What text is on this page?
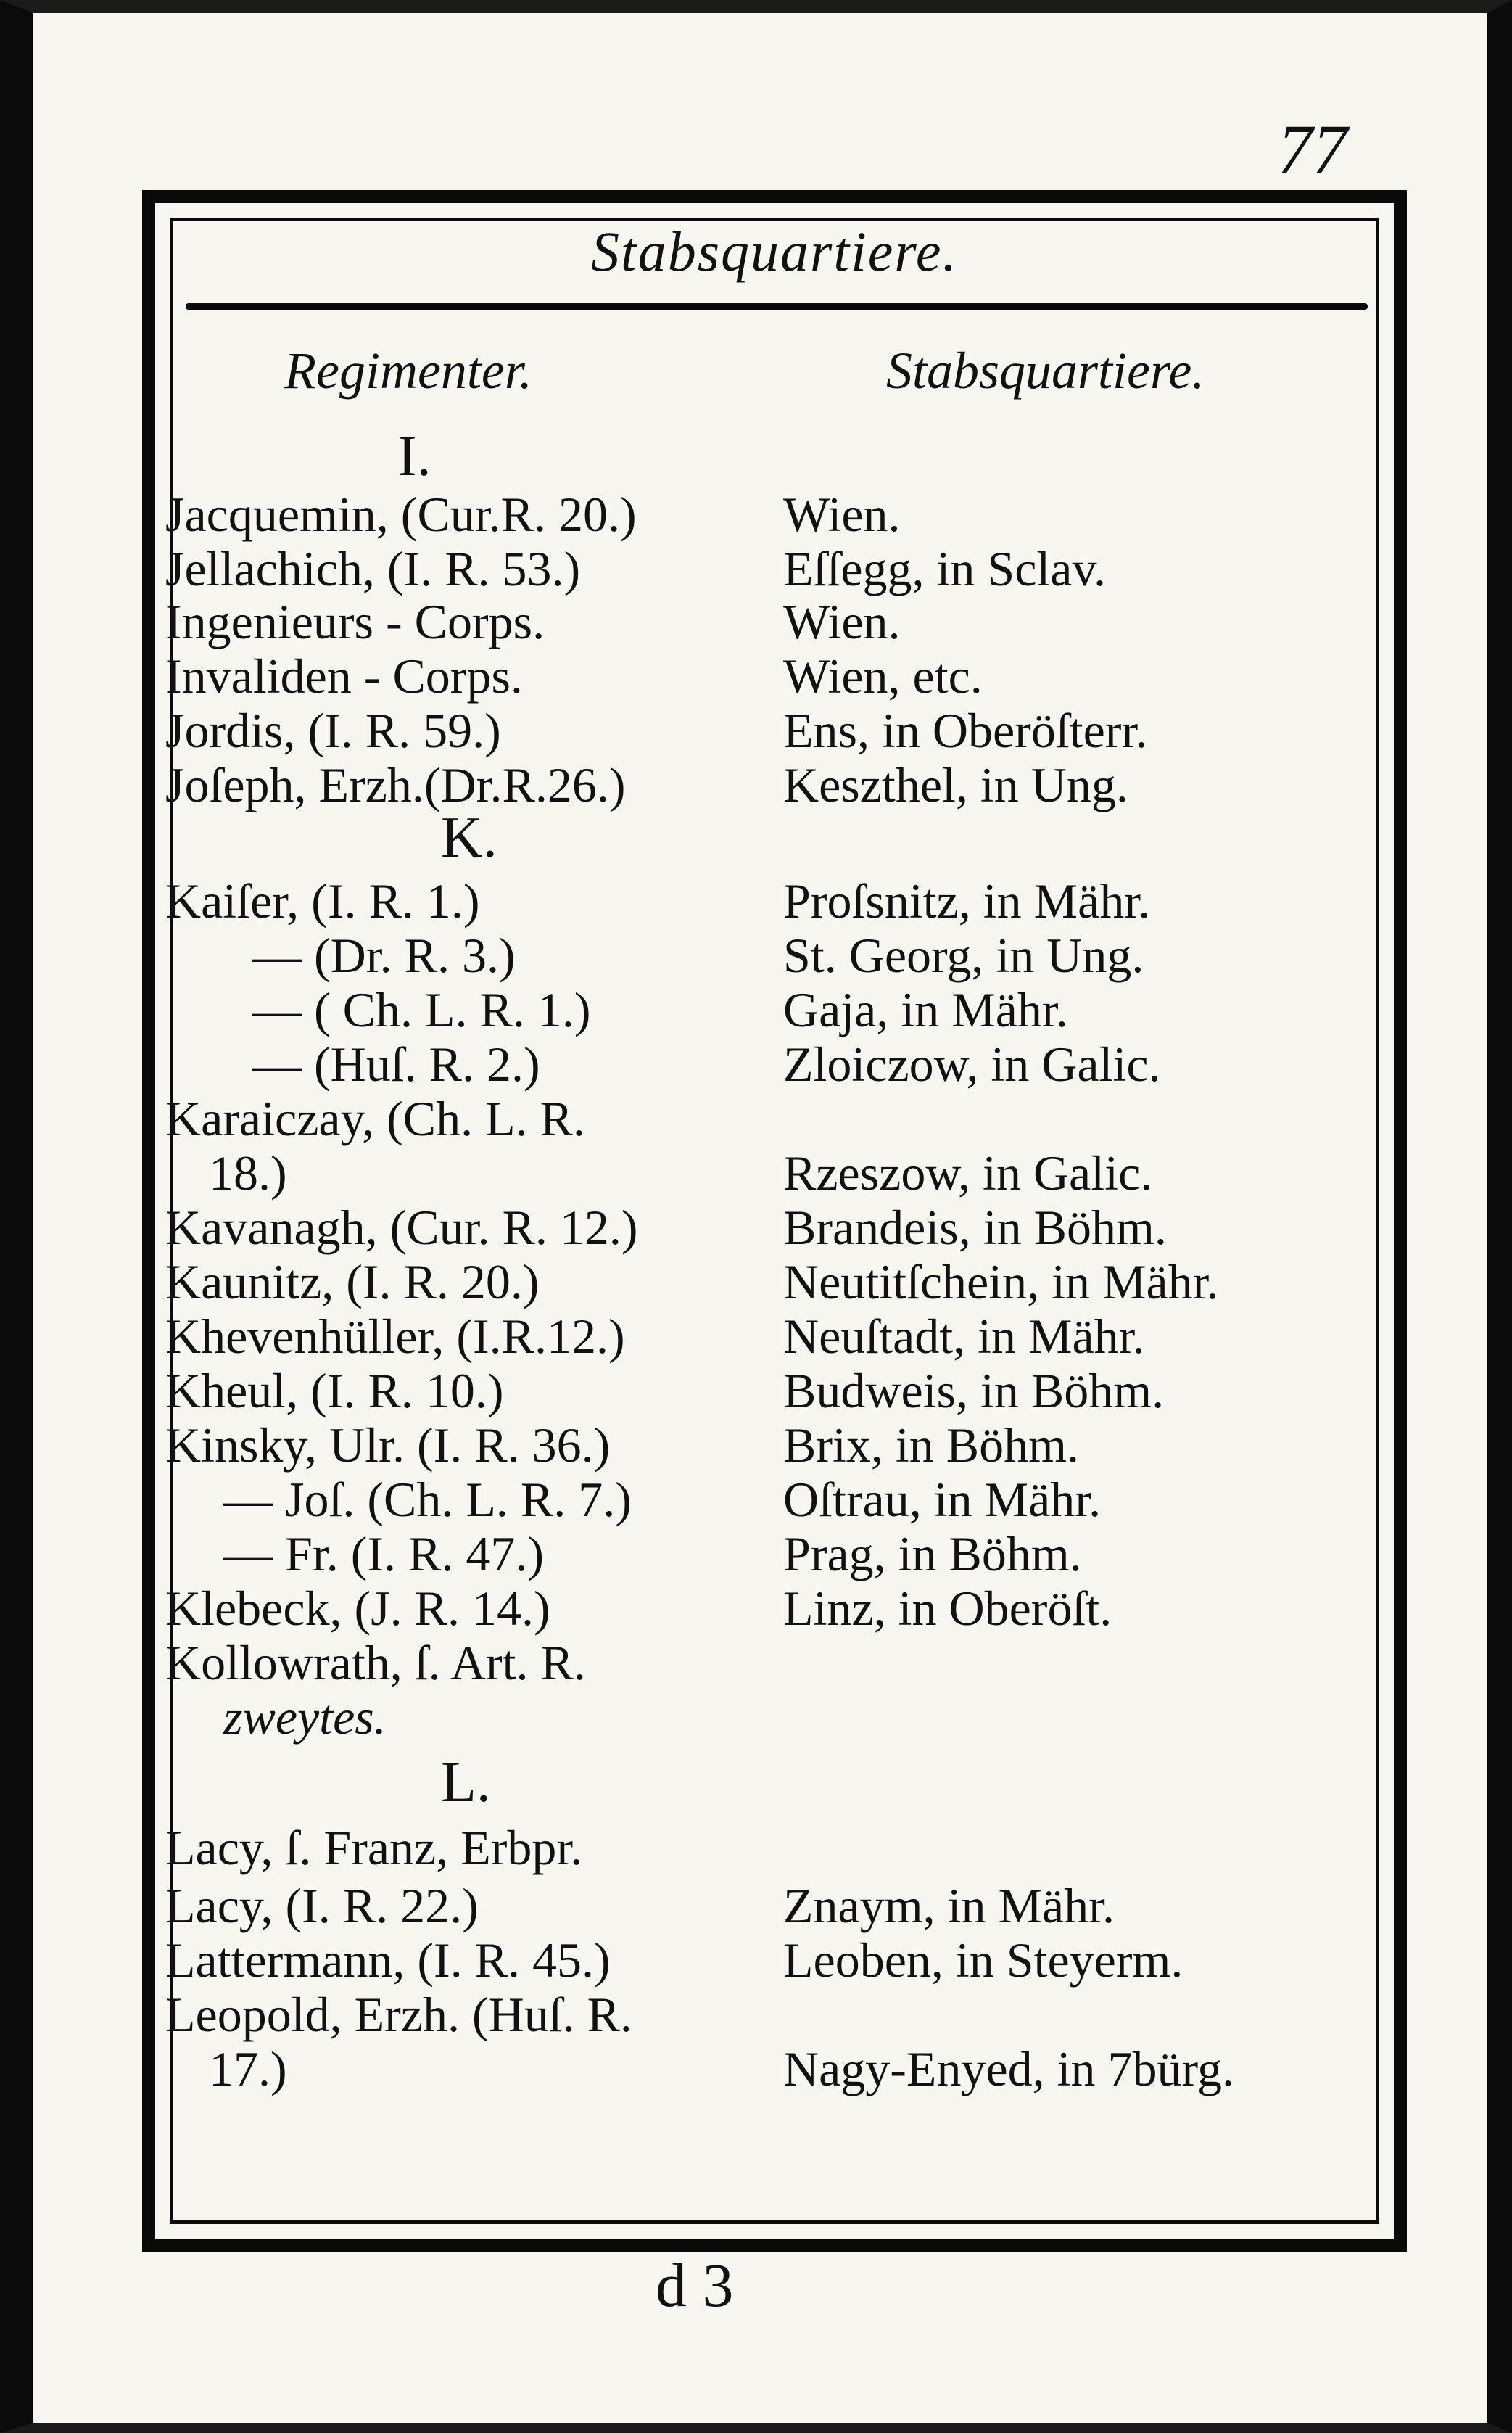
77
Stabsquartiere.
Regimenter.	Stabsquartiere.
I.
Jacquemin, (Cur.R. 20.)	Wien.
Jellachich, (I. R. 53.)	Eſſegg, in Sclav.
Ingenieurs - Corps.	Wien.
Invaliden - Corps.	Wien, etc.
Jordis, (I. R. 59.)	Ens, in Oberöſterr.
Joſeph, Erzh.(Dr.R.26.)	Keszthel, in Ung.
K.
Kaiſer, (I. R. 1.)	Proſsnitz, in Mähr.
— (Dr. R. 3.)	St. Georg, in Ung.
— ( Ch. L. R. 1.)	Gaja, in Mähr.
— (Huſ. R. 2.)	Zloiczow, in Galic.
Karaiczay, (Ch. L. R.
18.)	Rzeszow, in Galic.
Kavanagh, (Cur. R. 12.)	Brandeis, in Böhm.
Kaunitz, (I. R. 20.)	Neutitſchein, in Mähr.
Khevenhüller, (I.R.12.)	Neuſtadt, in Mähr.
Kheul, (I. R. 10.)	Budweis, in Böhm.
Kinsky, Ulr. (I. R. 36.)	Brix, in Böhm.
— Joſ. (Ch. L. R. 7.)	Oſtrau, in Mähr.
— Fr. (I. R. 47.)	Prag, in Böhm.
Klebeck, (J. R. 14.)	Linz, in Oberöſt.
Kollowrath, ſ. Art. R.
zweytes.
L.
Lacy, ſ. Franz, Erbpr.
Lacy, (I. R. 22.)	Znaym, in Mähr.
Lattermann, (I. R. 45.)	Leoben, in Steyerm.
Leopold, Erzh. (Huſ. R.
17.)	Nagy-Enyed, in 7bürg.
d 3
